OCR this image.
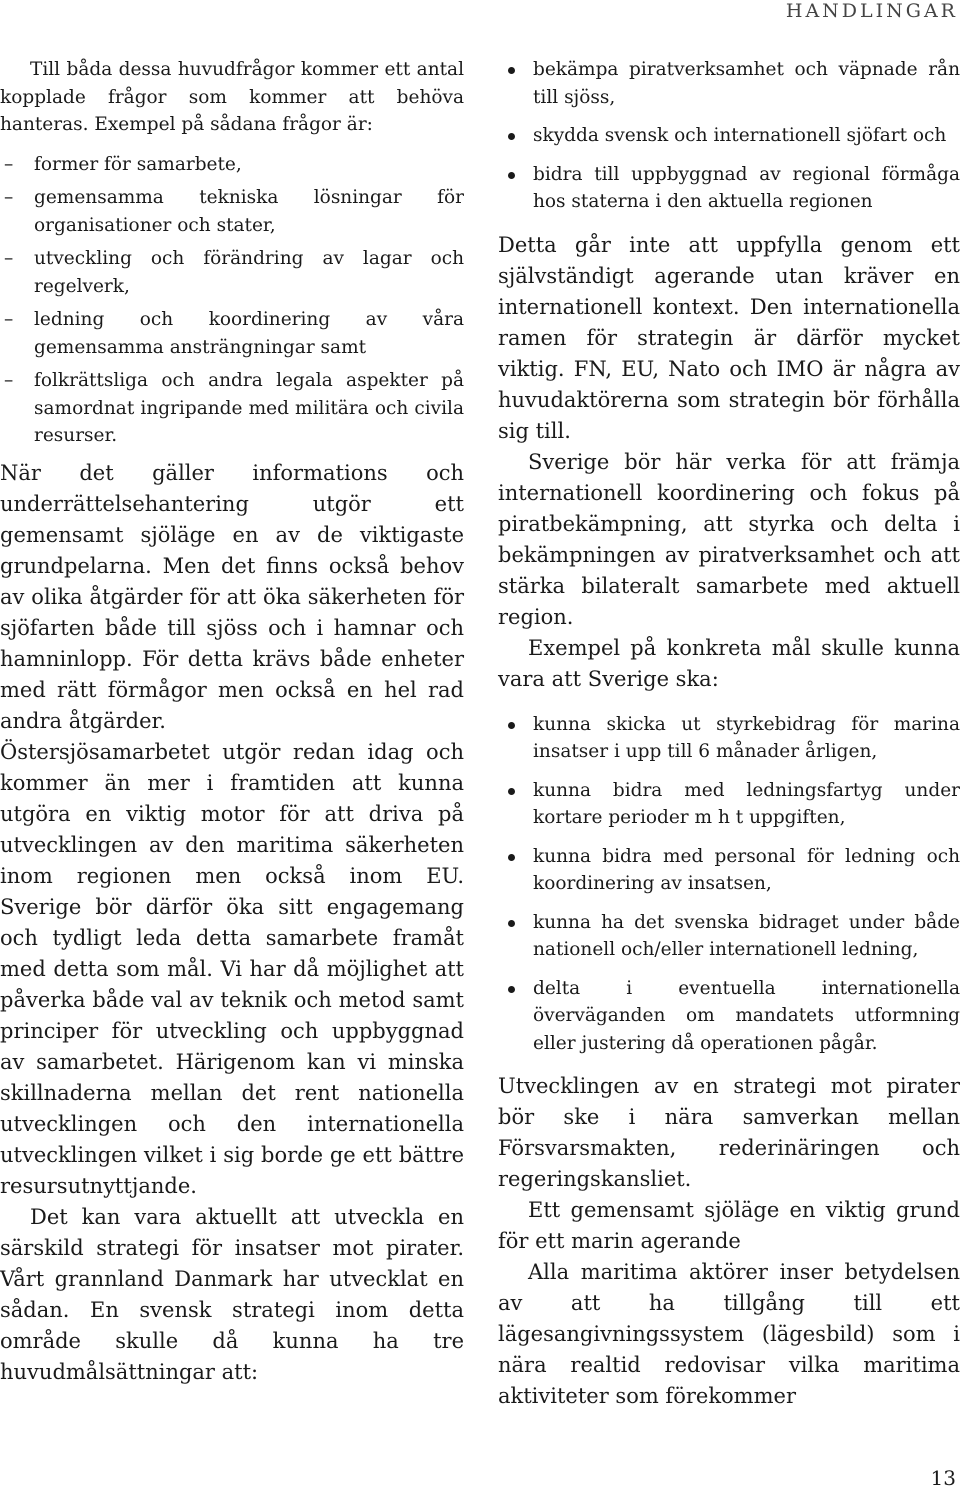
HANDLINGAR

Till båda dessa huvudfrågor kommer ett antal kopplade frågor som kommer att behöva hanteras. Exempel på sådana frågor är:

– former för samarbete,
– gemensamma tekniska lösningar för organisationer och stater,
– utveckling och förändring av lagar och regelverk,
– ledning och koordinering av våra gemensamma ansträngningar samt
– folkrättsliga och andra legala aspekter på samordnat ingripande med militära och civila resurser.

När det gäller informations och underrättelsehantering utgör ett gemensamt sjöläge en av de viktigaste grundpelarna. Men det finns också behov av olika åtgärder för att öka säkerheten för sjöfarten både till sjöss och i hamnar och hamninlopp. För detta krävs både enheter med rätt förmågor men också en hel rad andra åtgärder.

Östersjösamarbetet utgör redan idag och kommer än mer i framtiden att kunna utgöra en viktig motor för att driva på utvecklingen av den maritima säkerheten inom regionen men också inom EU. Sverige bör därför öka sitt engagemang och tydligt leda detta samarbete framåt med detta som mål. Vi har då möjlighet att påverka både val av teknik och metod samt principer för utveckling och uppbyggnad av samarbetet. Härigenom kan vi minska skillnaderna mellan det rent nationella utvecklingen och den internationella utvecklingen vilket i sig borde ge ett bättre resursutnyttjande.

Det kan vara aktuellt att utveckla en särskild strategi för insatser mot pirater. Vårt grannland Danmark har utvecklat en sådan. En svensk strategi inom detta område skulle då kunna ha tre huvudmålsättningar att:

bekämpa piratverksamhet och väpnade rån till sjöss,
skydda svensk och internationell sjöfart och
bidra till uppbyggnad av regional förmåga hos staterna i den aktuella regionen

Detta går inte att uppfylla genom ett självständigt agerande utan kräver en internationell kontext. Den internationella ramen för strategin är därför mycket viktig. FN, EU, Nato och IMO är några av huvudaktörerna som strategin bör förhålla sig till.

Sverige bör här verka för att främja internationell koordinering och fokus på piratbekämpning, att styrka och delta i bekämpningen av piratverksamhet och att stärka bilateralt samarbete med aktuell region.

Exempel på konkreta mål skulle kunna vara att Sverige ska:

kunna skicka ut styrkebidrag för marina insatser i upp till 6 månader årligen,
kunna bidra med ledningsfartyg under kortare perioder m h t uppgiften,
kunna bidra med personal för ledning och koordinering av insatsen,
kunna ha det svenska bidraget under både nationell och/eller internationell ledning,
delta i eventuella internationella överväganden om mandatets utformning eller justering då operationen pågår.

Utvecklingen av en strategi mot pirater bör ske i nära samverkan mellan Försvarsmakten, rederinäringen och regeringskansliet.

Ett gemensamt sjöläge en viktig grund för ett marin agerande

Alla maritima aktörer inser betydelsen av att ha tillgång till ett lägesangivningssystem (lägesbild) som i nära realtid redovisar vilka maritima aktiviteter som förekommer

13
